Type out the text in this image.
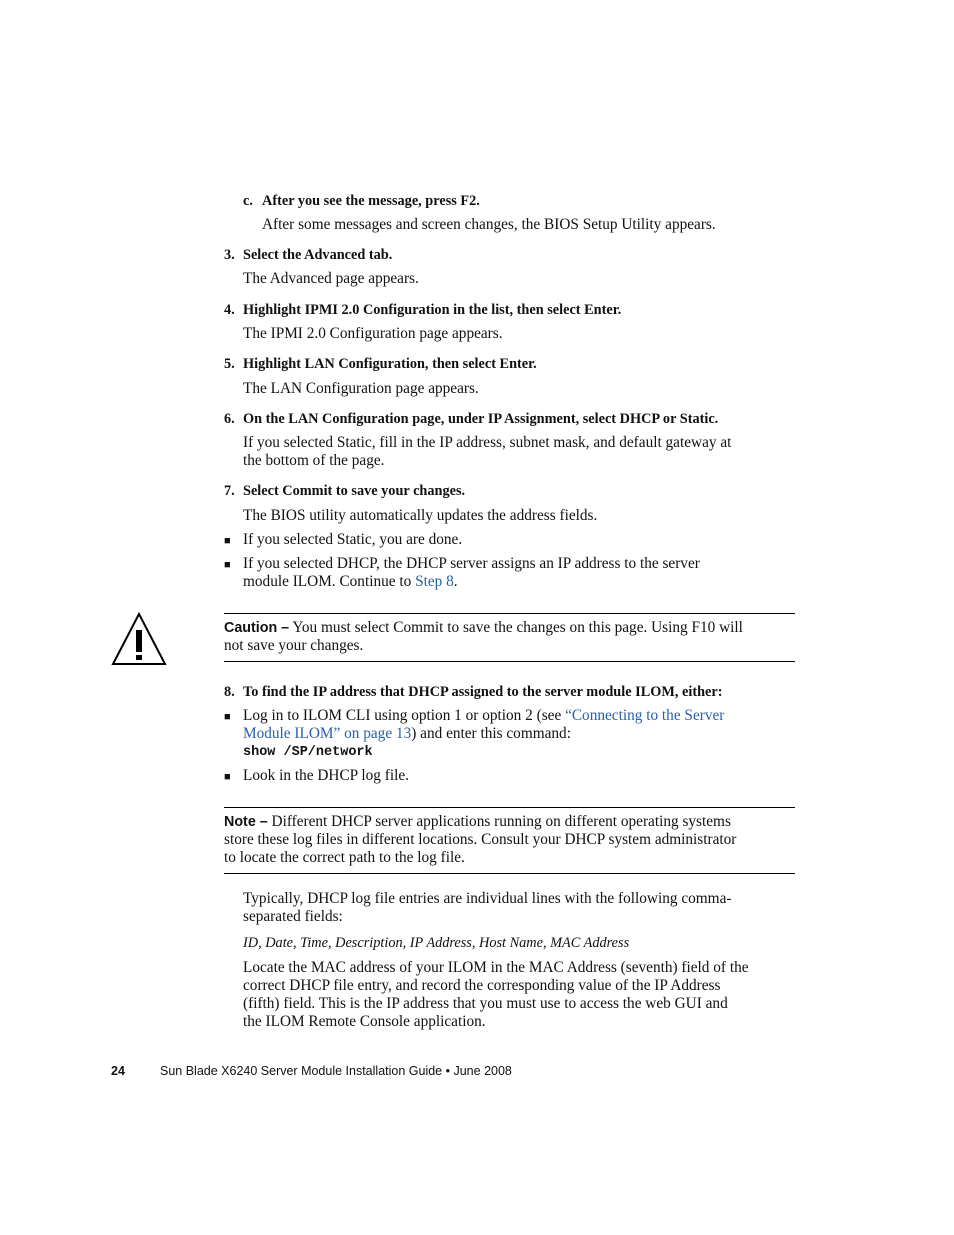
c. After you see the message, press F2.
After some messages and screen changes, the BIOS Setup Utility appears.
3. Select the Advanced tab.
The Advanced page appears.
4. Highlight IPMI 2.0 Configuration in the list, then select Enter.
The IPMI 2.0 Configuration page appears.
5. Highlight LAN Configuration, then select Enter.
The LAN Configuration page appears.
6. On the LAN Configuration page, under IP Assignment, select DHCP or Static.
If you selected Static, fill in the IP address, subnet mask, and default gateway at
the bottom of the page.
7. Select Commit to save your changes.
The BIOS utility automatically updates the address fields.
■ If you selected Static, you are done.
■ If you selected DHCP, the DHCP server assigns an IP address to the server
module ILOM. Continue to Step 8.
Caution – You must select Commit to save the changes on this page. Using F10 will
not save your changes.
8. To find the IP address that DHCP assigned to the server module ILOM, either:
■ Log in to ILOM CLI using option 1 or option 2 (see “Connecting to the Server
Module ILOM” on page 13) and enter this command:
show /SP/network
■ Look in the DHCP log file.
Note – Different DHCP server applications running on different operating systems
store these log files in different locations. Consult your DHCP system administrator
to locate the correct path to the log file.
Typically, DHCP log file entries are individual lines with the following comma-
separated fields:
ID, Date, Time, Description, IP Address, Host Name, MAC Address
Locate the MAC address of your ILOM in the MAC Address (seventh) field of the
correct DHCP file entry, and record the corresponding value of the IP Address
(fifth) field. This is the IP address that you must use to access the web GUI and
the ILOM Remote Console application.
24	Sun Blade X6240 Server Module Installation Guide • June 2008
